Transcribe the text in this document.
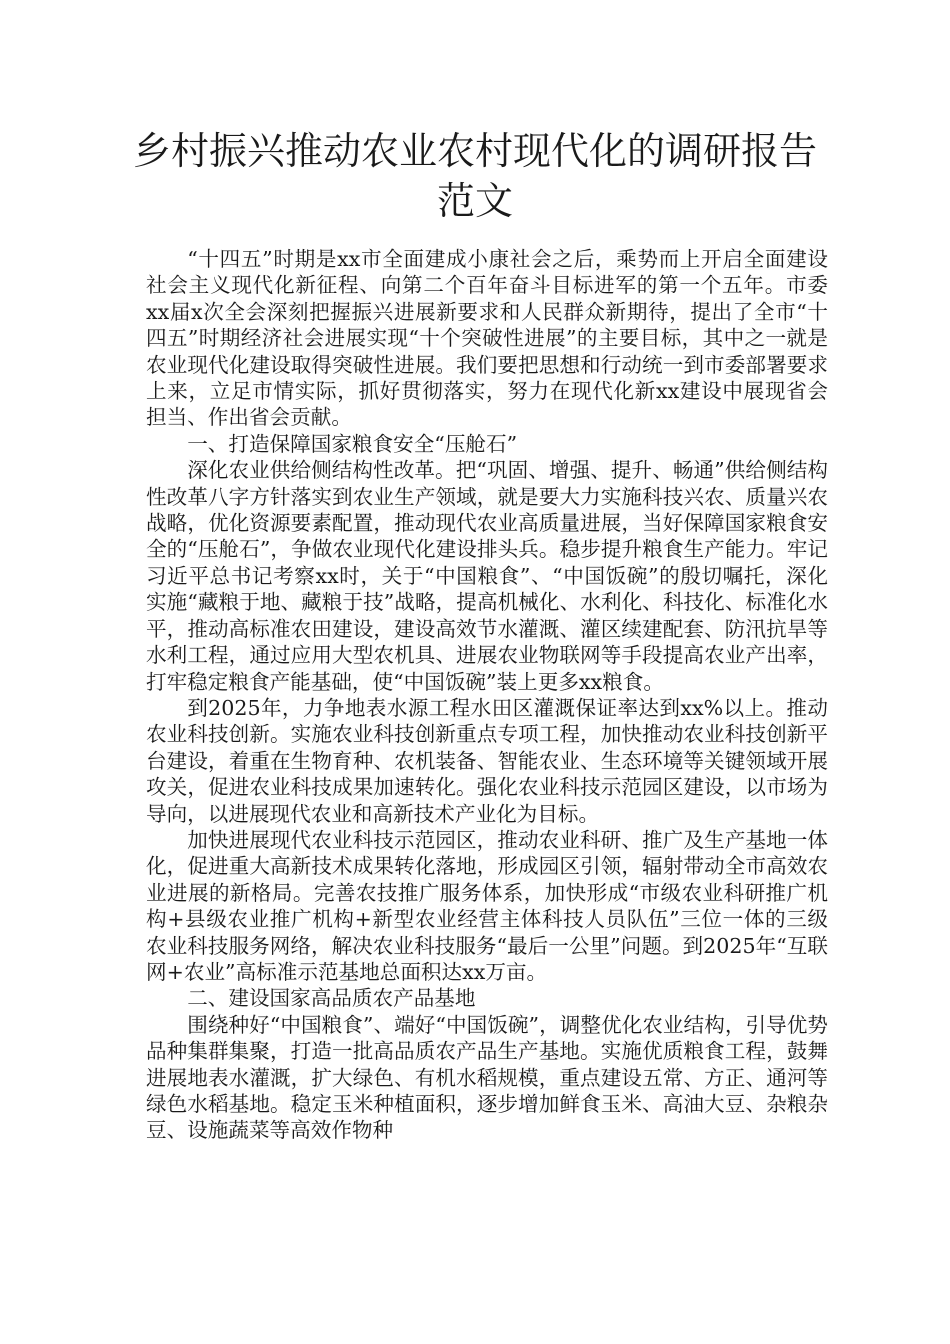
乡村振兴推动农业农村现代化的调研报告范文

“十四五”时期是xx市全面建成小康社会之后，乘势而上开启全面建设社会主义现代化新征程、向第二个百年奋斗目标进军的第一个五年。市委xx届x次全会深刻把握振兴进展新要求和人民群众新期待，提出了全市“十四五”时期经济社会进展实现“十个突破性进展”的主要目标，其中之一就是农业现代化建设取得突破性进展。我们要把思想和行动统一到市委部署要求上来，立足市情实际，抓好贯彻落实，努力在现代化新xx建设中展现省会担当、作出省会贡献。

一、打造保障国家粮食安全“压舱石”

深化农业供给侧结构性改革。把“巩固、增强、提升、畅通”供给侧结构性改革八字方针落实到农业生产领域，就是要大力实施科技兴农、质量兴农战略，优化资源要素配置，推动现代农业高质量进展，当好保障国家粮食安全的“压舱石”，争做农业现代化建设排头兵。稳步提升粮食生产能力。牢记习近平总书记考察xx时，关于“中国粮食”、“中国饭碗”的殷切嘱托，深化实施“藏粮于地、藏粮于技”战略，提高机械化、水利化、科技化、标准化水平，推动高标准农田建设，建设高效节水灌溉、灌区续建配套、防汛抗旱等水利工程，通过应用大型农机具、进展农业物联网等手段提高农业产出率，打牢稳定粮食产能基础，使“中国饭碗”装上更多xx粮食。

到2025年，力争地表水源工程水田区灌溉保证率达到xx%以上。推动农业科技创新。实施农业科技创新重点专项工程，加快推动农业科技创新平台建设，着重在生物育种、农机装备、智能农业、生态环境等关键领域开展攻关，促进农业科技成果加速转化。强化农业科技示范园区建设，以市场为导向，以进展现代农业和高新技术产业化为目标。

加快进展现代农业科技示范园区，推动农业科研、推广及生产基地一体化，促进重大高新技术成果转化落地，形成园区引领，辐射带动全市高效农业进展的新格局。完善农技推广服务体系，加快形成“市级农业科研推广机构+县级农业推广机构+新型农业经营主体科技人员队伍”三位一体的三级农业科技服务网络，解决农业科技服务“最后一公里”问题。到2025年“互联网+农业”高标准示范基地总面积达xx万亩。

二、建设国家高品质农产品基地

围绕种好“中国粮食”、端好“中国饭碗”，调整优化农业结构，引导优势品种集群集聚，打造一批高品质农产品生产基地。实施优质粮食工程，鼓舞进展地表水灌溉，扩大绿色、有机水稻规模，重点建设五常、方正、通河等绿色水稻基地。稳定玉米种植面积，逐步增加鲜食玉米、高油大豆、杂粮杂豆、设施蔬菜等高效作物种
